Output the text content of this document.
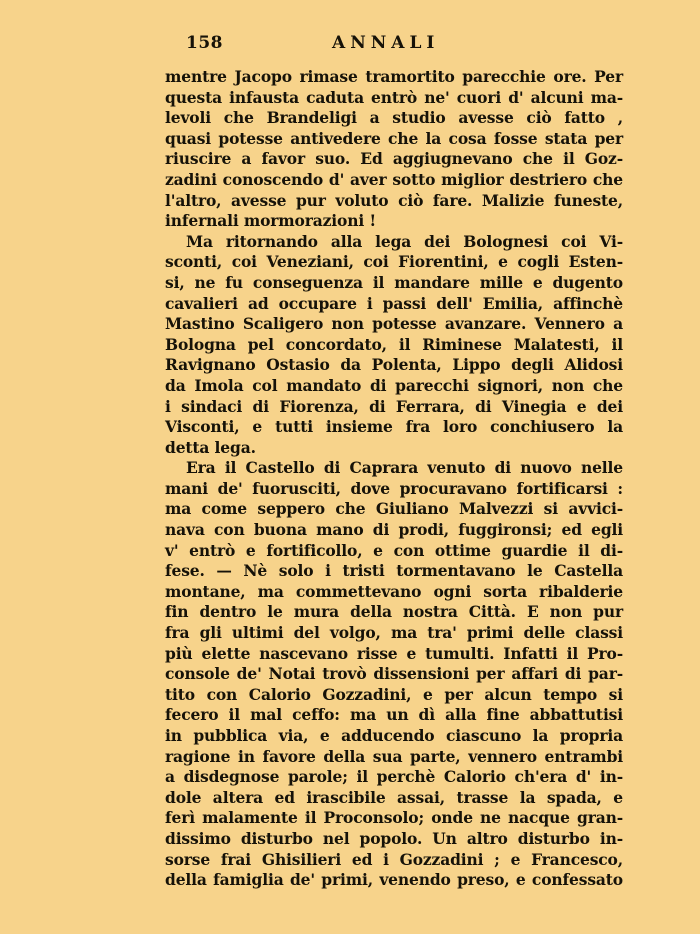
158	ANNALI
mentre Jacopo rimase tramortito parecchie ore. Per
questa infausta caduta entrò ne' cuori d' alcuni ma-
levoli che Brandeligi a studio avesse ciò fatto ,
quasi potesse antivedere che la cosa fosse stata per
riuscire a favor suo. Ed aggiugnevano che il Goz-
zadini conoscendo d' aver sotto miglior destriero che
l'altro, avesse pur voluto ciò fare. Malizie funeste,
infernali mormorazioni !
Ma ritornando alla lega dei Bolognesi coi Vi-
sconti, coi Veneziani, coi Fiorentini, e cogli Esten-
si, ne fu conseguenza il mandare mille e dugento
cavalieri ad occupare i passi dell' Emilia, affinchè
Mastino Scaligero non potesse avanzare. Vennero a
Bologna pel concordato, il Riminese Malatesti, il
Ravignano Ostasio da Polenta, Lippo degli Alidosi
da Imola col mandato di parecchi signori, non che
i sindaci di Fiorenza, di Ferrara, di Vinegia e dei
Visconti, e tutti insieme fra loro conchiusero la
detta lega.
Era il Castello di Caprara venuto di nuovo nelle
mani de' fuorusciti, dove procuravano fortificarsi :
ma come seppero che Giuliano Malvezzi si avvici-
nava con buona mano di prodi, fuggironsi; ed egli
v' entrò e fortificollo, e con ottime guardie il di-
fese. — Nè solo i tristi tormentavano le Castella
montane, ma commettevano ogni sorta ribalderie
fin dentro le mura della nostra Città. E non pur
fra gli ultimi del volgo, ma tra' primi delle classi
più elette nascevano risse e tumulti. Infatti il Pro-
console de' Notai trovò dissensioni per affari di par-
tito con Calorio Gozzadini, e per alcun tempo si
fecero il mal ceffo: ma un dì alla fine abbattutisi
in pubblica via, e adducendo ciascuno la propria
ragione in favore della sua parte, vennero entrambi
a disdegnose parole; il perchè Calorio ch'era d' in-
dole altera ed irascibile assai, trasse la spada, e
ferì malamente il Proconsolo; onde ne nacque gran-
dissimo disturbo nel popolo. Un altro disturbo in-
sorse frai Ghisilieri ed i Gozzadini ; e Francesco,
della famiglia de' primi, venendo preso, e confessato
